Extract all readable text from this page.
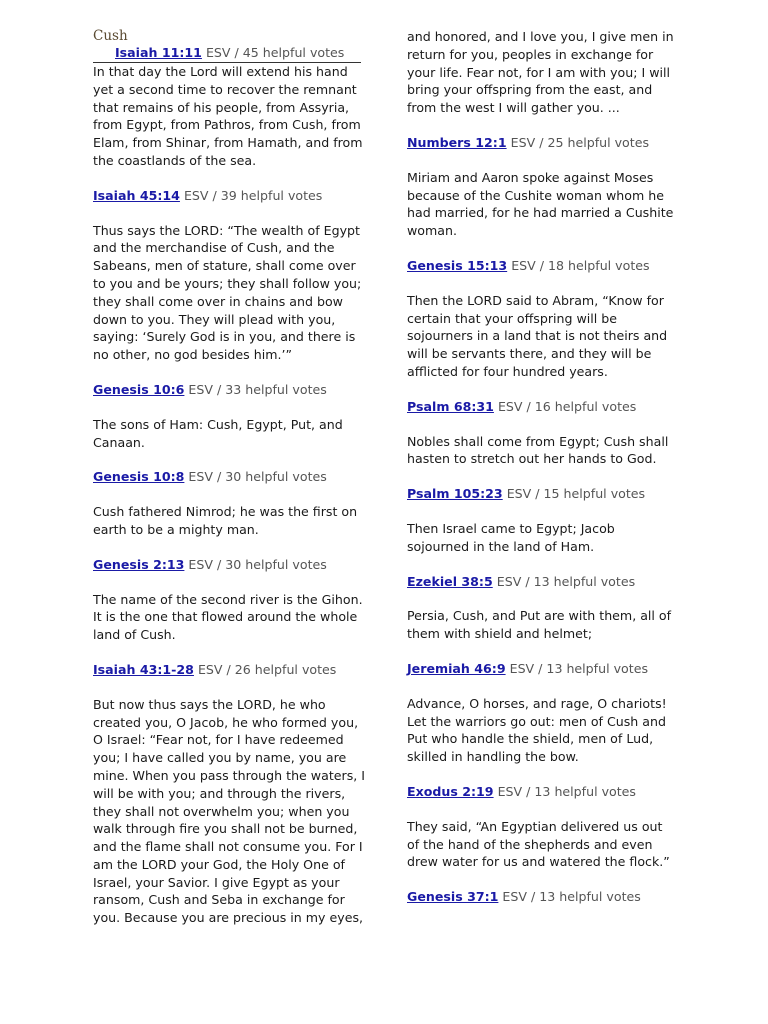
Cush

Isaiah 11:11 ESV / 45 helpful votes

In that day the Lord will extend his hand yet a second time to recover the remnant that remains of his people, from Assyria, from Egypt, from Pathros, from Cush, from Elam, from Shinar, from Hamath, and from the coastlands of the sea.

Isaiah 45:14 ESV / 39 helpful votes

Thus says the LORD: “The wealth of Egypt and the merchandise of Cush, and the Sabeans, men of stature, shall come over to you and be yours; they shall follow you; they shall come over in chains and bow down to you. They will plead with you, saying: ‘Surely God is in you, and there is no other, no god besides him.’”

Genesis 10:6 ESV / 33 helpful votes

The sons of Ham: Cush, Egypt, Put, and Canaan.

Genesis 10:8 ESV / 30 helpful votes

Cush fathered Nimrod; he was the first on earth to be a mighty man.

Genesis 2:13 ESV / 30 helpful votes

The name of the second river is the Gihon. It is the one that flowed around the whole land of Cush.

Isaiah 43:1-28 ESV / 26 helpful votes

But now thus says the LORD, he who created you, O Jacob, he who formed you, O Israel: “Fear not, for I have redeemed you; I have called you by name, you are mine. When you pass through the waters, I will be with you; and through the rivers, they shall not overwhelm you; when you walk through fire you shall not be burned, and the flame shall not consume you. For I am the LORD your God, the Holy One of Israel, your Savior. I give Egypt as your ransom, Cush and Seba in exchange for you. Because you are precious in my eyes,

and honored, and I love you, I give men in return for you, peoples in exchange for your life. Fear not, for I am with you; I will bring your offspring from the east, and from the west I will gather you. ...

Numbers 12:1 ESV / 25 helpful votes

Miriam and Aaron spoke against Moses because of the Cushite woman whom he had married, for he had married a Cushite woman.

Genesis 15:13 ESV / 18 helpful votes

Then the LORD said to Abram, “Know for certain that your offspring will be sojourners in a land that is not theirs and will be servants there, and they will be afflicted for four hundred years.

Psalm 68:31 ESV / 16 helpful votes

Nobles shall come from Egypt; Cush shall hasten to stretch out her hands to God.

Psalm 105:23 ESV / 15 helpful votes

Then Israel came to Egypt; Jacob sojourned in the land of Ham.

Ezekiel 38:5 ESV / 13 helpful votes

Persia, Cush, and Put are with them, all of them with shield and helmet;

Jeremiah 46:9 ESV / 13 helpful votes

Advance, O horses, and rage, O chariots! Let the warriors go out: men of Cush and Put who handle the shield, men of Lud, skilled in handling the bow.

Exodus 2:19 ESV / 13 helpful votes

They said, “An Egyptian delivered us out of the hand of the shepherds and even drew water for us and watered the flock.”

Genesis 37:1 ESV / 13 helpful votes
